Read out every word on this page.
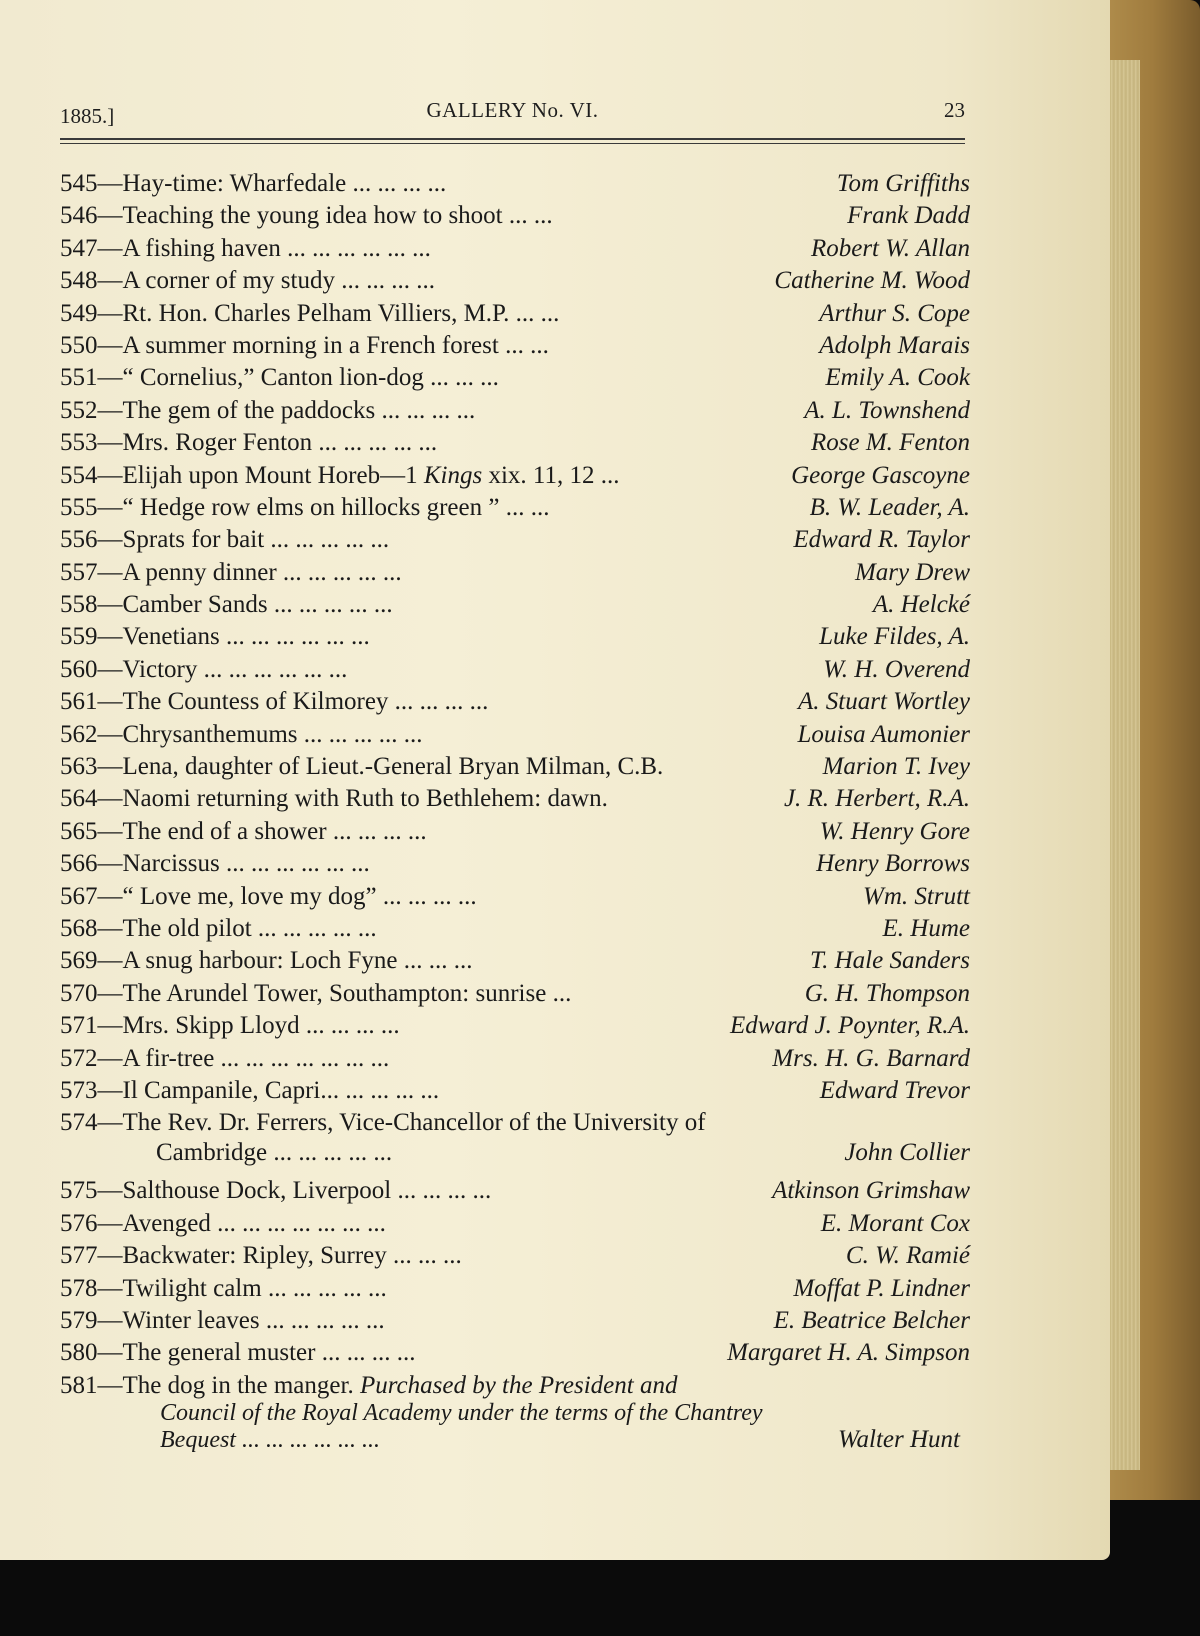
1885.]	GALLERY No. VI.	23
545—Hay-time: Wharfedale ... ... ... ...	Tom Griffiths
546—Teaching the young idea how to shoot ... ...	Frank Dadd
547—A fishing haven ... ... ... ... ... ...	Robert W. Allan
548—A corner of my study ... ... ... ...	Catherine M. Wood
549—Rt. Hon. Charles Pelham Villiers, M.P. ... ...	Arthur S. Cope
550—A summer morning in a French forest ... ...	Adolph Marais
551—“ Cornelius,” Canton lion-dog ... ... ...	Emily A. Cook
552—The gem of the paddocks ... ... ... ...	A. L. Townshend
553—Mrs. Roger Fenton ... ... ... ... ...	Rose M. Fenton
554—Elijah upon Mount Horeb—1 Kings xix. 11, 12 ...	George Gascoyne
555—“ Hedge row elms on hillocks green ” ... ...	B. W. Leader, A.
556—Sprats for bait ... ... ... ... ...	Edward R. Taylor
557—A penny dinner ... ... ... ... ...	Mary Drew
558—Camber Sands ... ... ... ... ...	A. Helcké
559—Venetians ... ... ... ... ... ...	Luke Fildes, A.
560—Victory ... ... ... ... ... ...	W. H. Overend
561—The Countess of Kilmorey ... ... ... ...	A. Stuart Wortley
562—Chrysanthemums ... ... ... ... ...	Louisa Aumonier
563—Lena, daughter of Lieut.-General Bryan Milman, C.B.	Marion T. Ivey
564—Naomi returning with Ruth to Bethlehem: dawn.	J. R. Herbert, R.A.
565—The end of a shower ... ... ... ...	W. Henry Gore
566—Narcissus ... ... ... ... ... ...	Henry Borrows
567—“ Love me, love my dog” ... ... ... ...	Wm. Strutt
568—The old pilot ... ... ... ... ...	E. Hume
569—A snug harbour: Loch Fyne ... ... ...	T. Hale Sanders
570—The Arundel Tower, Southampton: sunrise ...	G. H. Thompson
571—Mrs. Skipp Lloyd ... ... ... ...	Edward J. Poynter, R.A.
572—A fir-tree ... ... ... ... ... ... ...	Mrs. H. G. Barnard
573—Il Campanile, Capri... ... ... ... ...	Edward Trevor
574—The Rev. Dr. Ferrers, Vice-Chancellor of the University of
Cambridge ... ... ... ... ...	John Collier
575—Salthouse Dock, Liverpool ... ... ... ...	Atkinson Grimshaw
576—Avenged ... ... ... ... ... ... ...	E. Morant Cox
577—Backwater: Ripley, Surrey ... ... ...	C. W. Ramié
578—Twilight calm ... ... ... ... ...	Moffat P. Lindner
579—Winter leaves ... ... ... ... ...	E. Beatrice Belcher
580—The general muster ... ... ... ...	Margaret H. A. Simpson
581—The dog in the manger. Purchased by the President and
Council of the Royal Academy under the terms of the Chantrey
Bequest ... ... ... ... ... ...	Walter Hunt
